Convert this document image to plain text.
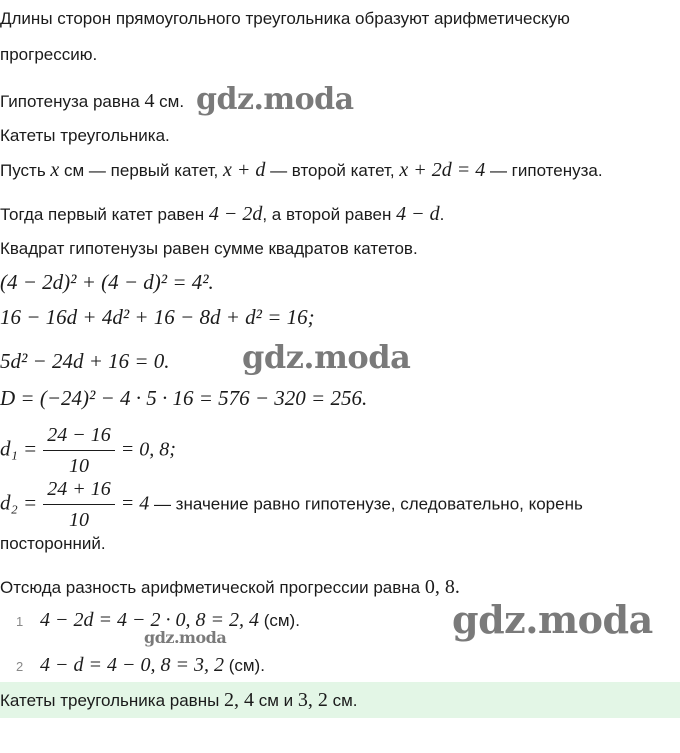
Длины сторон прямоугольного треугольника образуют арифметическую
прогрессию.
Гипотенуза равна 4 см.
Катеты треугольника.
Пусть x см — первый катет, x + d — второй катет, x + 2d = 4 — гипотенуза.
Тогда первый катет равен 4 − 2d, а второй равен 4 − d.
Квадрат гипотенузы равен сумме квадратов катетов.
(4 − 2d)² + (4 − d)² = 4².
16 − 16d + 4d² + 16 − 8d + d² = 16;
5d² − 24d + 16 = 0.
D = (−24)² − 4 · 5 · 16 = 576 − 320 = 256.
$d_1 = \frac{24 - 16}{10} = 0$, 8;
$d_2 = \frac{24 + 16}{10} = 4$ — значение равно гипотенузе, следовательно, корень
посторонний.
Отсюда разность арифметической прогрессии равна 0, 8.
1 4 − 2d = 4 − 2 · 0, 8 = 2, 4 (см).
2 4 − d = 4 − 0, 8 = 3, 2 (см).
Катеты треугольника равны 2, 4 см и 3, 2 см.
gdz.moda
gdz.moda
gdz.moda
gdz.moda
